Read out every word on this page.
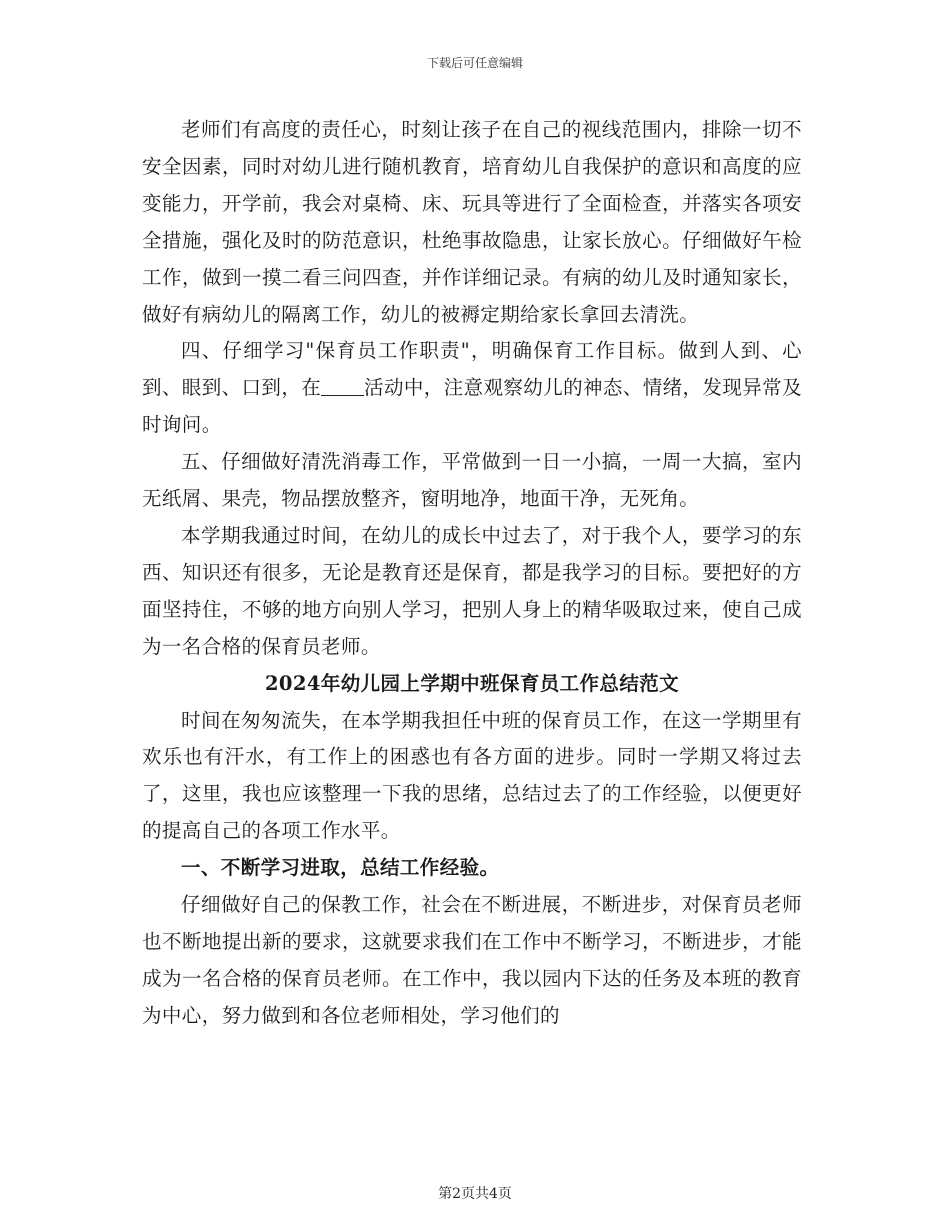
下载后可任意编辑

老师们有高度的责任心，时刻让孩子在自己的视线范围内，排除一切不安全因素，同时对幼儿进行随机教育，培育幼儿自我保护的意识和高度的应变能力，开学前，我会对桌椅、床、玩具等进行了全面检查，并落实各项安全措施，强化及时的防范意识，杜绝事故隐患，让家长放心。仔细做好午检工作，做到一摸二看三问四查，并作详细记录。有病的幼儿及时通知家长，做好有病幼儿的隔离工作，幼儿的被褥定期给家长拿回去清洗。

四、仔细学习"保育员工作职责"，明确保育工作目标。做到人到、心到、眼到、口到，在 活动中，注意观察幼儿的神态、情绪，发现异常及时询问。

五、仔细做好清洗消毒工作，平常做到一日一小搞，一周一大搞，室内无纸屑、果壳，物品摆放整齐，窗明地净，地面干净，无死角。

本学期我通过时间，在幼儿的成长中过去了，对于我个人，要学习的东西、知识还有很多，无论是教育还是保育，都是我学习的目标。要把好的方面坚持住，不够的地方向别人学习，把别人身上的精华吸取过来，使自己成为一名合格的保育员老师。

2024年幼儿园上学期中班保育员工作总结范文

时间在匆匆流失，在本学期我担任中班的保育员工作，在这一学期里有欢乐也有汗水，有工作上的困惑也有各方面的进步。同时一学期又将过去了，这里，我也应该整理一下我的思绪，总结过去了的工作经验，以便更好的提高自己的各项工作水平。

一、不断学习进取，总结工作经验。

仔细做好自己的保教工作，社会在不断进展，不断进步，对保育员老师也不断地提出新的要求，这就要求我们在工作中不断学习，不断进步，才能成为一名合格的保育员老师。在工作中，我以园内下达的任务及本班的教育为中心，努力做到和各位老师相处，学习他们的

第2页共4页
